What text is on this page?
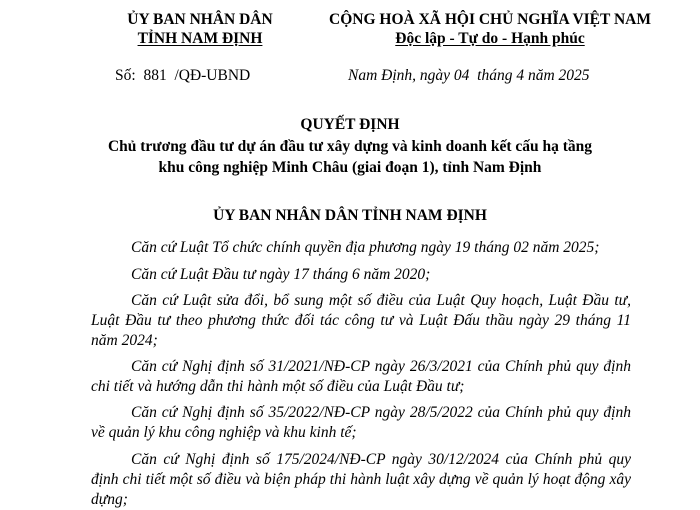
ỦY BAN NHÂN DÂN
TỈNH NAM ĐỊNH
CỘNG HOÀ XÃ HỘI CHỦ NGHĨA VIỆT NAM
Độc lập - Tự do - Hạnh phúc
Số: 881 /QĐ-UBND	Nam Định, ngày 04  tháng 4 năm 2025
QUYẾT ĐỊNH
Chủ trương đầu tư dự án đầu tư xây dựng và kinh doanh kết cấu hạ tầng
khu công nghiệp Minh Châu (giai đoạn 1), tỉnh Nam Định
ỦY BAN NHÂN DÂN TỈNH NAM ĐỊNH
Căn cứ Luật Tổ chức chính quyền địa phương ngày 19 tháng 02 năm 2025;
Căn cứ Luật Đầu tư ngày 17 tháng 6 năm 2020;
Căn cứ Luật sửa đổi, bổ sung một số điều của Luật Quy hoạch, Luật Đầu tư, Luật Đầu tư theo phương thức đối tác công tư và Luật Đấu thầu ngày 29 tháng 11 năm 2024;
Căn cứ Nghị định số 31/2021/NĐ-CP ngày 26/3/2021 của Chính phủ quy định chi tiết và hướng dẫn thi hành một số điều của Luật Đầu tư;
Căn cứ Nghị định số 35/2022/NĐ-CP ngày 28/5/2022 của Chính phủ quy định về quản lý khu công nghiệp và khu kinh tế;
Căn cứ Nghị định số 175/2024/NĐ-CP ngày 30/12/2024 của Chính phủ quy định chi tiết một số điều và biện pháp thi hành luật xây dựng về quản lý hoạt động xây dựng;
